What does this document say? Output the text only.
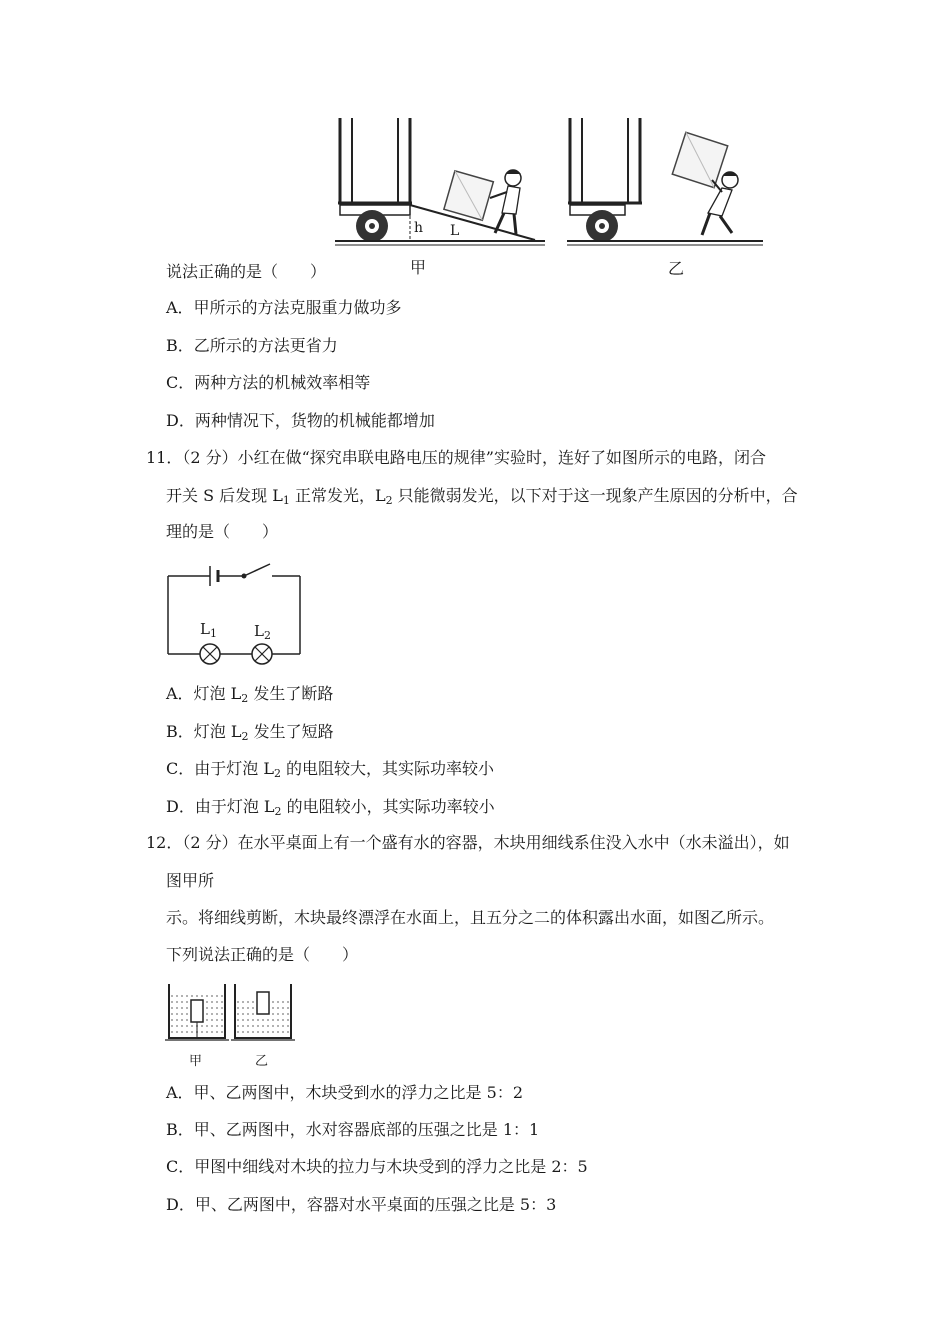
h L
甲	乙
说法正确的是（　　）
A．甲所示的方法克服重力做功多
B．乙所示的方法更省力
C．两种方法的机械效率相等
D．两种情况下，货物的机械能都增加
11．（2 分）小红在做“探究串联电路电压的规律”实验时，连好了如图所示的电路，闭合
开关 S 后发现 $L_1$ 正常发光，$L_2$ 只能微弱发光，以下对于这一现象产生原因的分析中，合
理的是（　　）
$L_1$ $L_2$
A．灯泡 $L_2$ 发生了断路
B．灯泡 $L_2$ 发生了短路
C．由于灯泡 $L_2$ 的电阻较大，其实际功率较小
D．由于灯泡 $L_2$ 的电阻较小，其实际功率较小
12．（2 分）在水平桌面上有一个盛有水的容器，木块用细线系住没入水中（水未溢出），如
图甲所
示。将细线剪断，木块最终漂浮在水面上，且五分之二的体积露出水面，如图乙所示。
下列说法正确的是（　　）
甲	乙
A．甲、乙两图中，木块受到水的浮力之比是 5：2
B．甲、乙两图中，水对容器底部的压强之比是 1：1
C．甲图中细线对木块的拉力与木块受到的浮力之比是 2：5
D．甲、乙两图中，容器对水平桌面的压强之比是 5：3
